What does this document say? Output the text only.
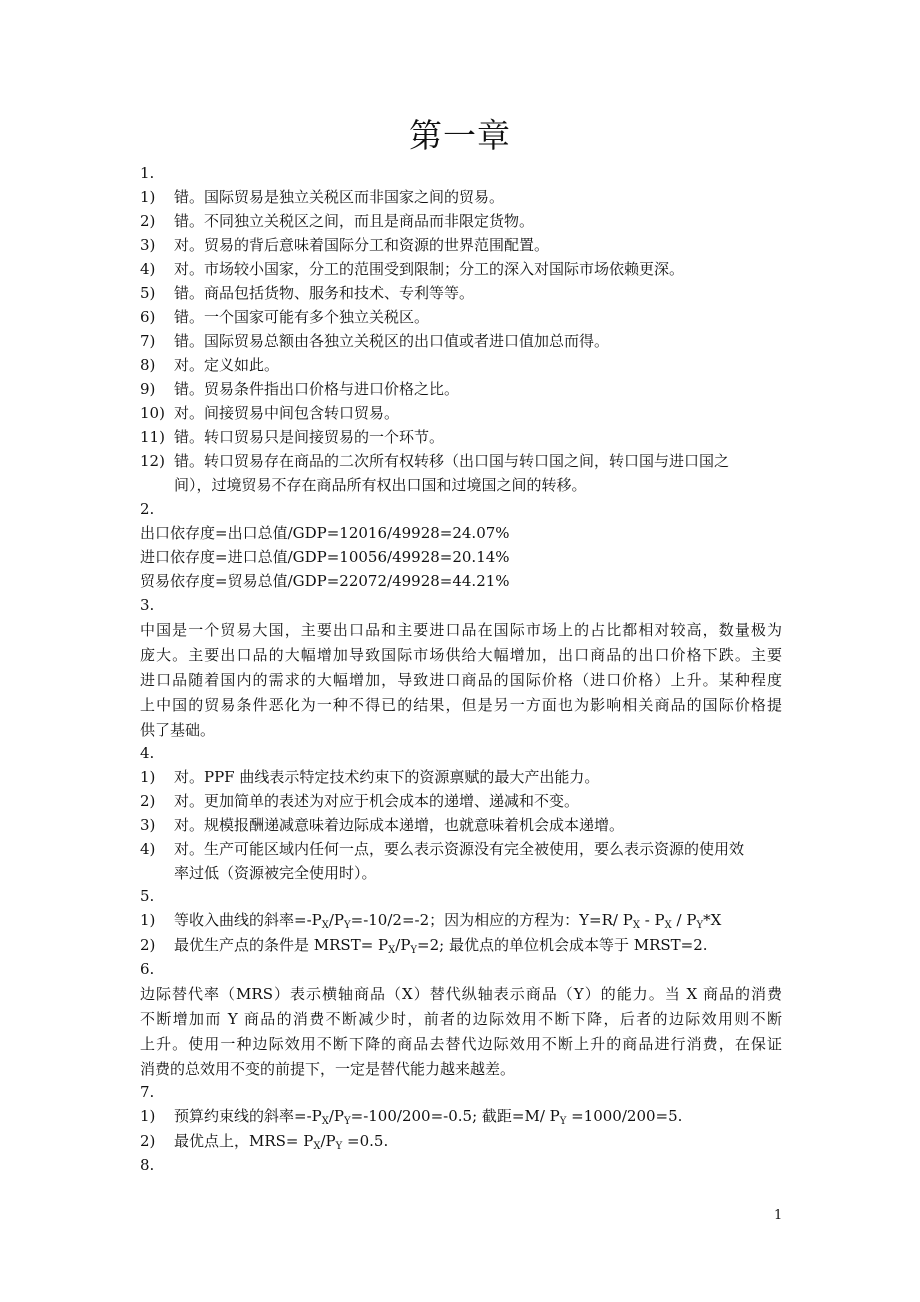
第一章
1.
1) 错。国际贸易是独立关税区而非国家之间的贸易。
2) 错。不同独立关税区之间，而且是商品而非限定货物。
3) 对。贸易的背后意味着国际分工和资源的世界范围配置。
4) 对。市场较小国家，分工的范围受到限制；分工的深入对国际市场依赖更深。
5) 错。商品包括货物、服务和技术、专利等等。
6) 错。一个国家可能有多个独立关税区。
7) 错。国际贸易总额由各独立关税区的出口值或者进口值加总而得。
8) 对。定义如此。
9) 错。贸易条件指出口价格与进口价格之比。
10) 对。间接贸易中间包含转口贸易。
11) 错。转口贸易只是间接贸易的一个环节。
12) 错。转口贸易存在商品的二次所有权转移（出口国与转口国之间，转口国与进口国之
间），过境贸易不存在商品所有权出口国和过境国之间的转移。
2.
出口依存度=出口总值/GDP=12016/49928=24.07%
进口依存度=进口总值/GDP=10056/49928=20.14%
贸易依存度=贸易总值/GDP=22072/49928=44.21%
3.
中国是一个贸易大国，主要出口品和主要进口品在国际市场上的占比都相对较高，数量极为
庞大。主要出口品的大幅增加导致国际市场供给大幅增加，出口商品的出口价格下跌。主要
进口品随着国内的需求的大幅增加，导致进口商品的国际价格（进口价格）上升。某种程度
上中国的贸易条件恶化为一种不得已的结果，但是另一方面也为影响相关商品的国际价格提
供了基础。
4.
1) 对。PPF 曲线表示特定技术约束下的资源禀赋的最大产出能力。
2) 对。更加简单的表述为对应于机会成本的递增、递减和不变。
3) 对。规模报酬递减意味着边际成本递增，也就意味着机会成本递增。
4) 对。生产可能区域内任何一点，要么表示资源没有完全被使用，要么表示资源的使用效
率过低（资源被完全使用时）。
5.
1) 等收入曲线的斜率$=-P_X/P_Y=-10/2=-2$；因为相应的方程为：Y=R/ $P_X - P_X / P_Y*X$
2) 最优生产点的条件是 MRST= $P_X/P_Y=2$; 最优点的单位机会成本等于 MRST=2.
6.
边际替代率（MRS）表示横轴商品（X）替代纵轴表示商品（Y）的能力。当 X 商品的消费
不断增加而 Y 商品的消费不断减少时，前者的边际效用不断下降，后者的边际效用则不断
上升。使用一种边际效用不断下降的商品去替代边际效用不断上升的商品进行消费，在保证
消费的总效用不变的前提下，一定是替代能力越来越差。
7.
1) 预算约束线的斜率$=-P_X/P_Y=-100/200=-0.5$; 截距=M/ $P_Y =1000/200=5$.
2) 最优点上，$MRS= P_X/P_Y =0.5$.
8.
1
